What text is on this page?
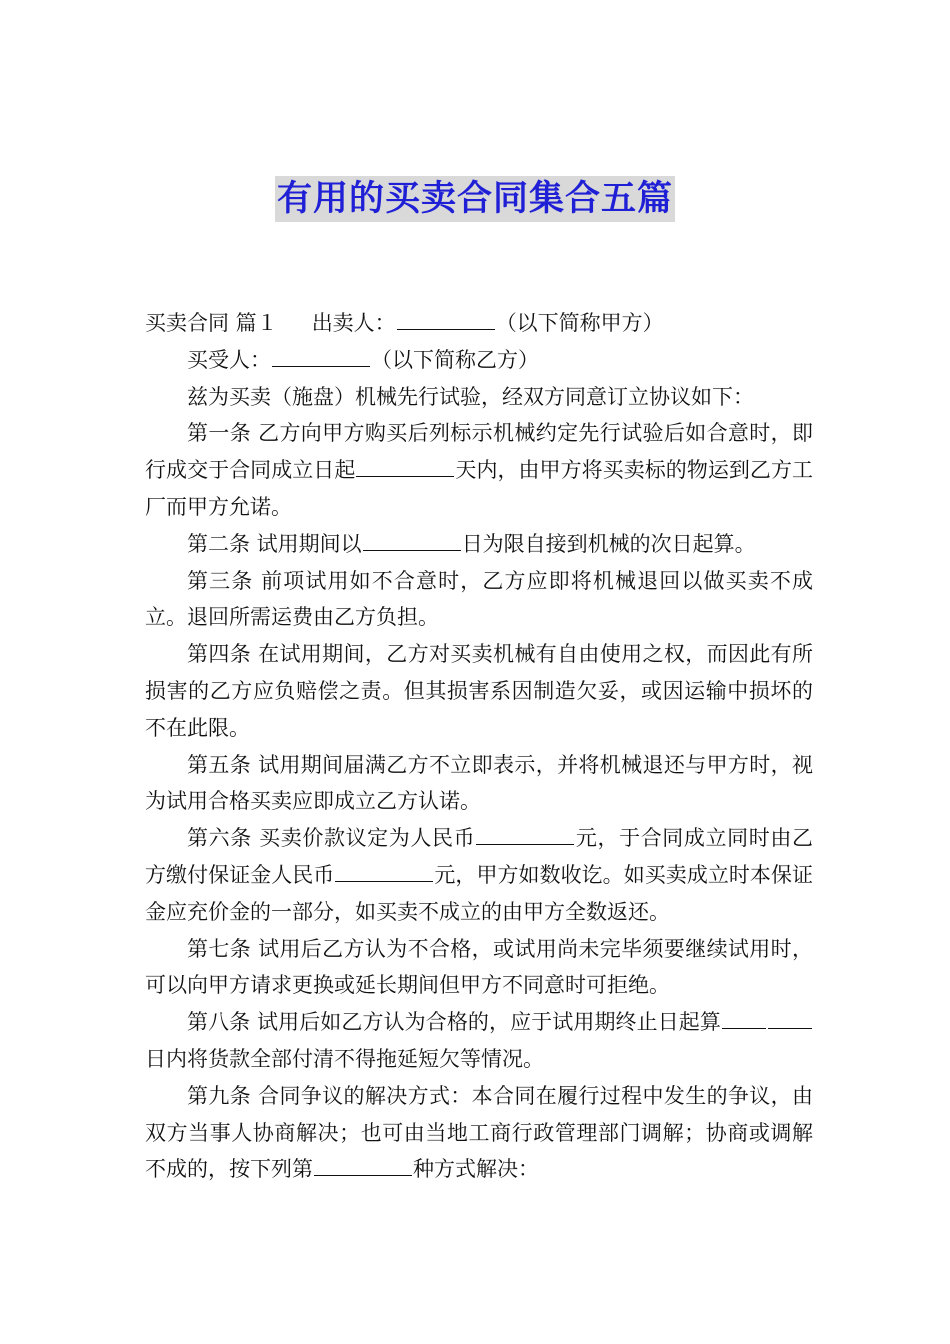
有用的买卖合同集合五篇

买卖合同 篇１ 出卖人：	（以下简称甲方）

买受人：	（以下简称乙方）

兹为买卖（施盘）机械先行试验，经双方同意订立协议如下：

第一条 乙方向甲方购买后列标示机械约定先行试验后如合意时，即行成交于合同成立日起	天内，由甲方将买卖标的物运到乙方工厂而甲方允诺。

第二条 试用期间以	日为限自接到机械的次日起算。

第三条 前项试用如不合意时，乙方应即将机械退回以做买卖不成立。退回所需运费由乙方负担。

第四条 在试用期间，乙方对买卖机械有自由使用之权，而因此有所损害的乙方应负赔偿之责。但其损害系因制造欠妥，或因运输中损坏的不在此限。

第五条 试用期间届满乙方不立即表示，并将机械退还与甲方时，视为试用合格买卖应即成立乙方认诺。

第六条 买卖价款议定为人民币	元，于合同成立同时由乙方缴付保证金人民币	元，甲方如数收讫。如买卖成立时本保证金应充价金的一部分，如买卖不成立的由甲方全数返还。

第七条 试用后乙方认为不合格，或试用尚未完毕须要继续试用时，可以向甲方请求更换或延长期间但甲方不同意时可拒绝。

第八条 试用后如乙方认为合格的，应于试用期终止日起算日内将货款全部付清不得拖延短欠等情况。

第九条 合同争议的解决方式：本合同在履行过程中发生的争议，由双方当事人协商解决；也可由当地工商行政管理部门调解；协商或调解不成的，按下列第	种方式解决：
